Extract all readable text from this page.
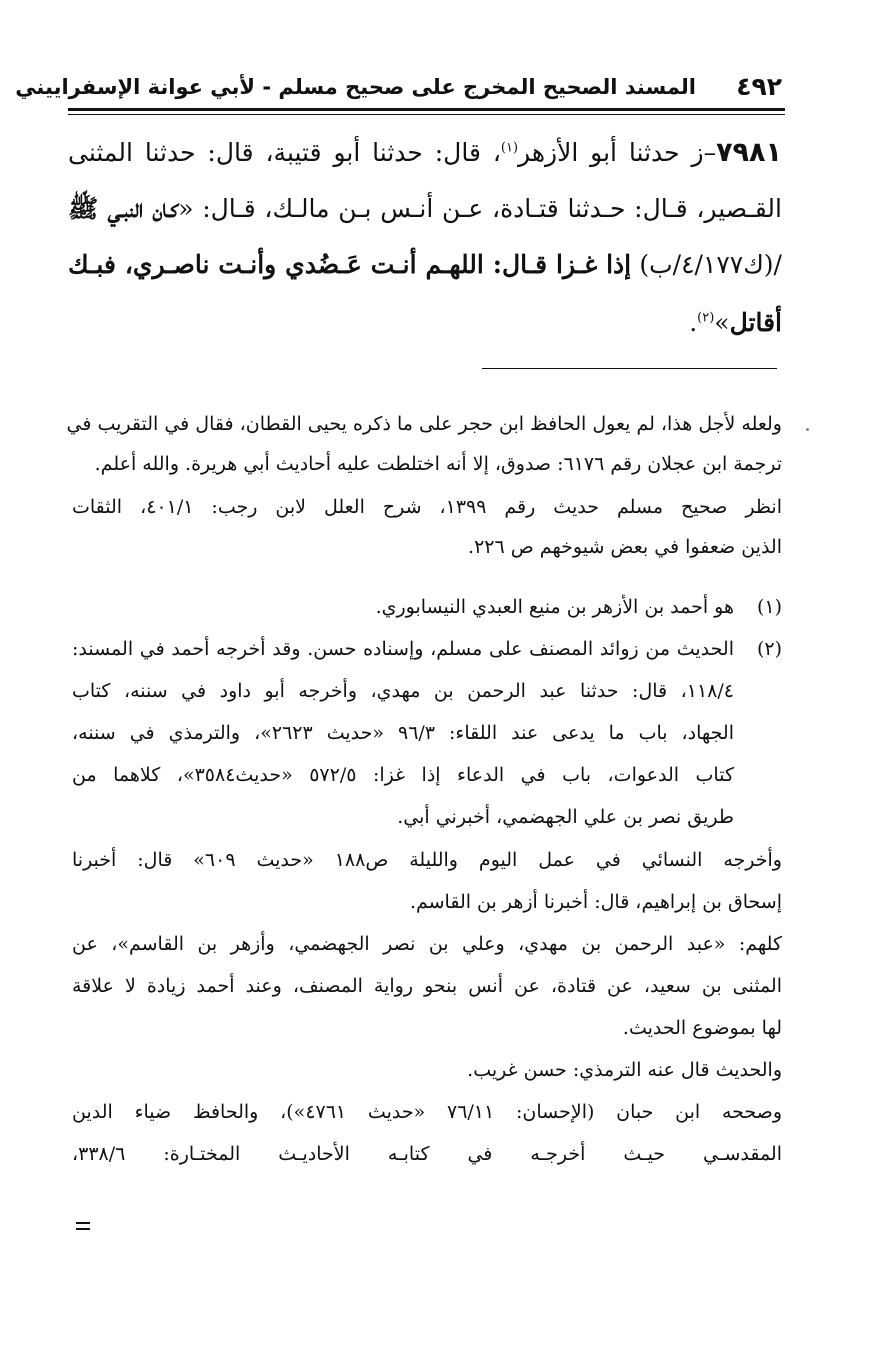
٤٩٢
المسند الصحيح المخرج على صحيح مسلم - لأبي عوانة الإسفراييني
٧٩٨١–ز حدثنا أبو الأزهر$^{(١)}$، قال: حدثنا أبو قتيبة، قال: حدثنا المثنى
القـصير، قـال: حـدثنا قتـادة، عـن أنـس بـن مالـك، قـال: «كـان النبـي ﷺ
/(ك٤/١٧٧/ب) إذا غـزا قـال: اللهـم أنـت عَـضُدي وأنـت ناصـري، فبـك
أقاتل»$^{(٢)}$.
ولعله لأجل هذا، لم يعول الحافظ ابن حجر على ما ذكره يحيى القطان، فقال في التقريب في
ترجمة ابن عجلان رقم ٦١٧٦: صدوق، إلا أنه اختلطت عليه أحاديث أبي هريرة. والله أعلم.
انظر صحيح مسلم حديث رقم ١٣٩٩، شرح العلل لابن رجب: ٤٠١/١، الثقات
الذين ضعفوا في بعض شيوخهم ص ٢٢٦.
(١)
هو أحمد بن الأزهر بن منيع العبدي النيسابوري.
(٢)
الحديث من زوائد المصنف على مسلم، وإسناده حسن. وقد أخرجه أحمد في المسند:
١١٨/٤، قال: حدثنا عبد الرحمن بن مهدي، وأخرجه أبو داود في سننه، كتاب
الجهاد، باب ما يدعى عند اللقاء: ٩٦/٣ «حديث ٢٦٢٣»، والترمذي في سننه،
كتاب الدعوات، باب في الدعاء إذا غزا: ٥٧٢/٥ «حديث٣٥٨٤»، كلاهما من
طريق نصر بن علي الجهضمي، أخبرني أبي.
وأخرجه النسائي في عمل اليوم والليلة ص١٨٨ «حديث ٦٠٩» قال: أخبرنا
إسحاق بن إبراهيم، قال: أخبرنا أزهر بن القاسم.
كلهم: «عبد الرحمن بن مهدي، وعلي بن نصر الجهضمي، وأزهر بن القاسم»، عن
المثنى بن سعيد، عن قتادة، عن أنس بنحو رواية المصنف، وعند أحمد زيادة لا علاقة
لها بموضوع الحديث.
والحديث قال عنه الترمذي: حسن غريب.
وصححه ابن حبان (الإحسان: ٧٦/١١ «حديث ٤٧٦١»)، والحافظ ضياء الدين
المقدسـي حيـث أخرجـه في كتابـه الأحاديـث المختـارة: ٣٣٨/٦،
